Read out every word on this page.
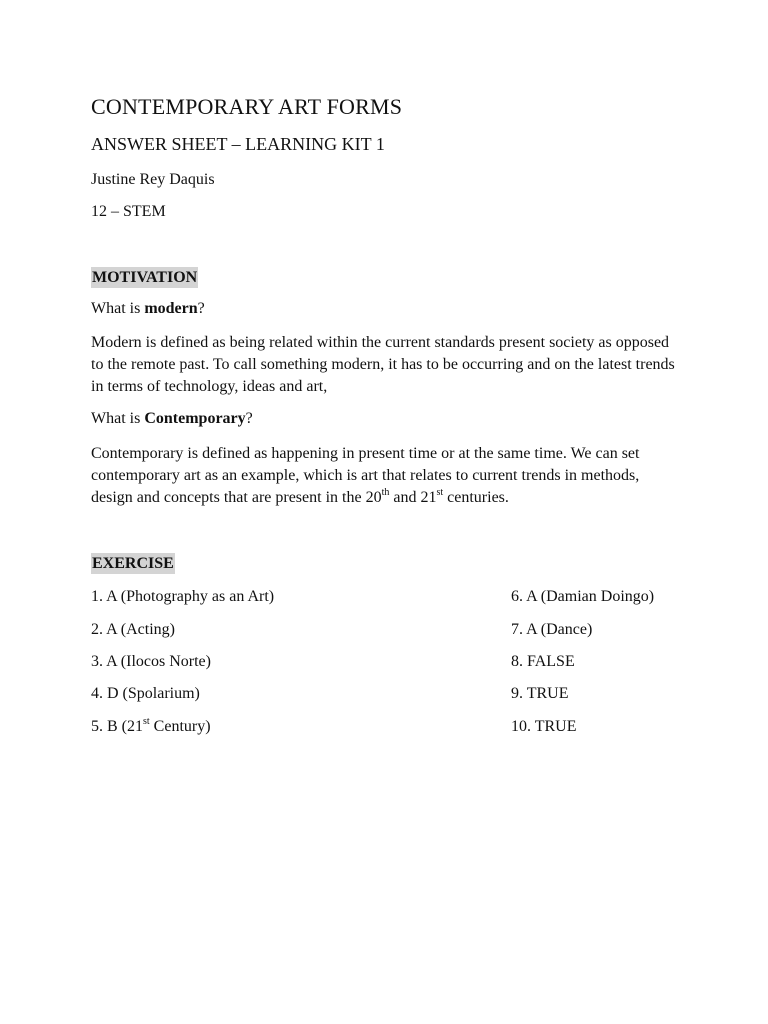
CONTEMPORARY ART FORMS
ANSWER SHEET – LEARNING KIT 1
Justine Rey Daquis
12 – STEM
MOTIVATION
What is modern?

Modern is defined as being related within the current standards present society as opposed to the remote past. To call something modern, it has to be occurring and on the latest trends in terms of technology, ideas and art,

What is Contemporary?

Contemporary is defined as happening in present time or at the same time. We can set contemporary art as an example, which is art that relates to current trends in methods, design and concepts that are present in the 20th and 21st centuries.

EXERCISE
1. A (Photography as an Art)
2. A (Acting)
3. A (Ilocos Norte)
4. D (Spolarium)
5. B (21st Century)
6. A (Damian Doingo)
7. A (Dance)
8. FALSE
9. TRUE
10. TRUE
